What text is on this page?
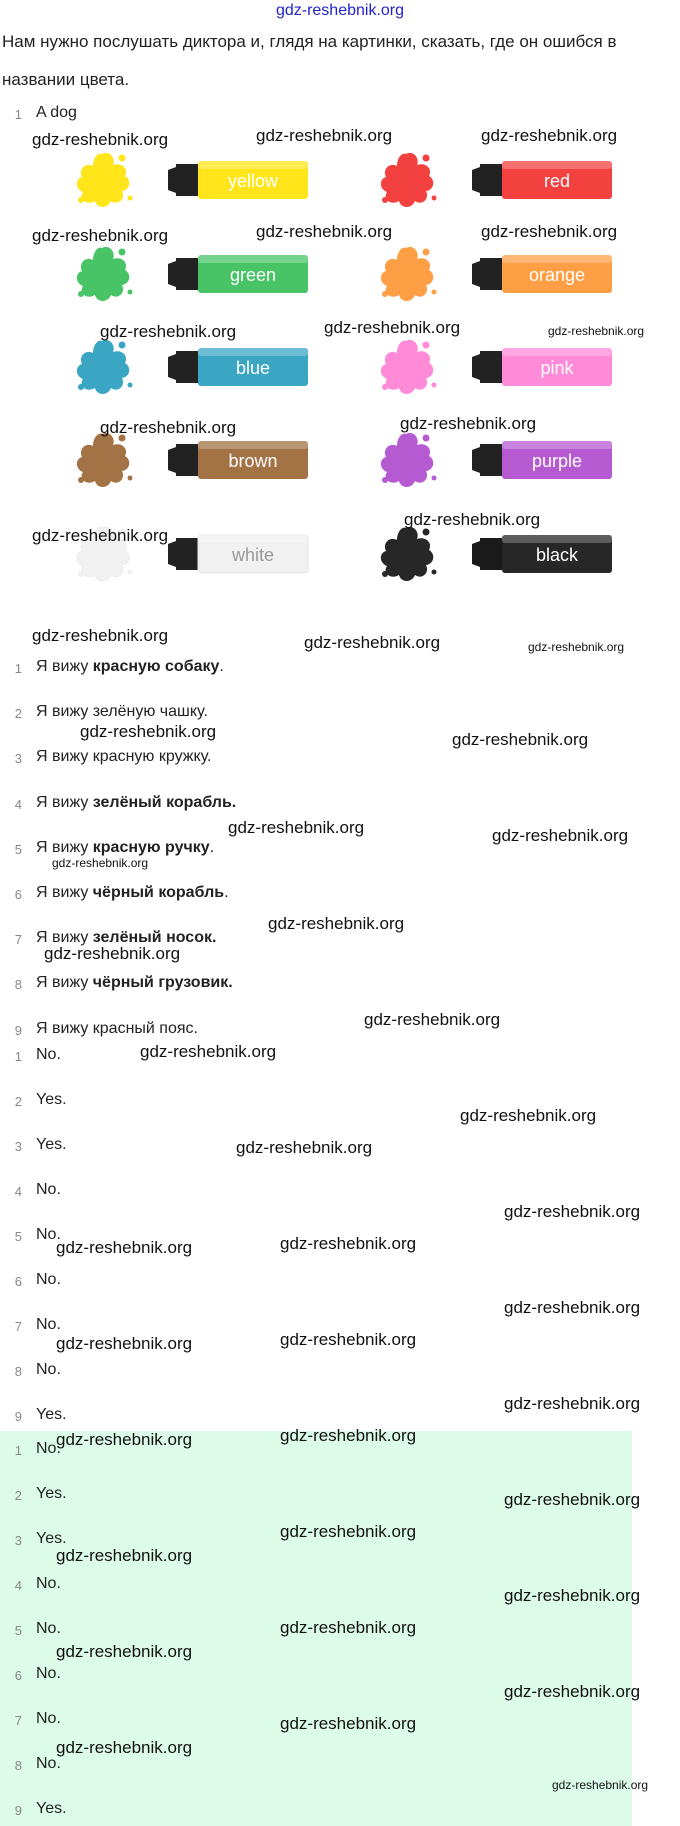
gdz-reshebnik.org
Нам нужно послушать диктора и, глядя на картинки, сказать, где он ошибся в
названии цвета.
1 A dog
yellow	red
green	orange
blue	pink
brown	purple
white	black
1 Я вижу красную собаку.
2 Я вижу зелёную чашку.
3 Я вижу красную кружку.
4 Я вижу зелёный корабль.
5 Я вижу красную ручку.
6 Я вижу чёрный корабль.
7 Я вижу зелёный носок.
8 Я вижу чёрный грузовик.
9 Я вижу красный пояс.
1 No.
2 Yes.
3 Yes.
4 No.
5 No.
6 No.
7 No.
8 No.
9 Yes.
1 No.
2 Yes.
3 Yes.
4 No.
5 No.
6 No.
7 No.
8 No.
9 Yes.
gdz-reshebnik.org	gdz-reshebnik.org	gdz-reshebnik.org
gdz-reshebnik.org	gdz-reshebnik.org	gdz-reshebnik.org
gdz-reshebnik.org	gdz-reshebnik.org	gdz-reshebnik.org
gdz-reshebnik.org	gdz-reshebnik.org
gdz-reshebnik.org
gdz-reshebnik.org
gdz-reshebnik.org	gdz-reshebnik.org	gdz-reshebnik.org
gdz-reshebnik.org	gdz-reshebnik.org
gdz-reshebnik.org	gdz-reshebnik.org
gdz-reshebnik.org
gdz-reshebnik.org
gdz-reshebnik.org
gdz-reshebnik.org
gdz-reshebnik.org
gdz-reshebnik.org
gdz-reshebnik.org
gdz-reshebnik.org
gdz-reshebnik.org	gdz-reshebnik.org
gdz-reshebnik.org
gdz-reshebnik.org	gdz-reshebnik.org
gdz-reshebnik.org
gdz-reshebnik.org	gdz-reshebnik.org
gdz-reshebnik.org
gdz-reshebnik.org
gdz-reshebnik.org
gdz-reshebnik.org
gdz-reshebnik.org
gdz-reshebnik.org
gdz-reshebnik.org
gdz-reshebnik.org
gdz-reshebnik.org
gdz-reshebnik.org
